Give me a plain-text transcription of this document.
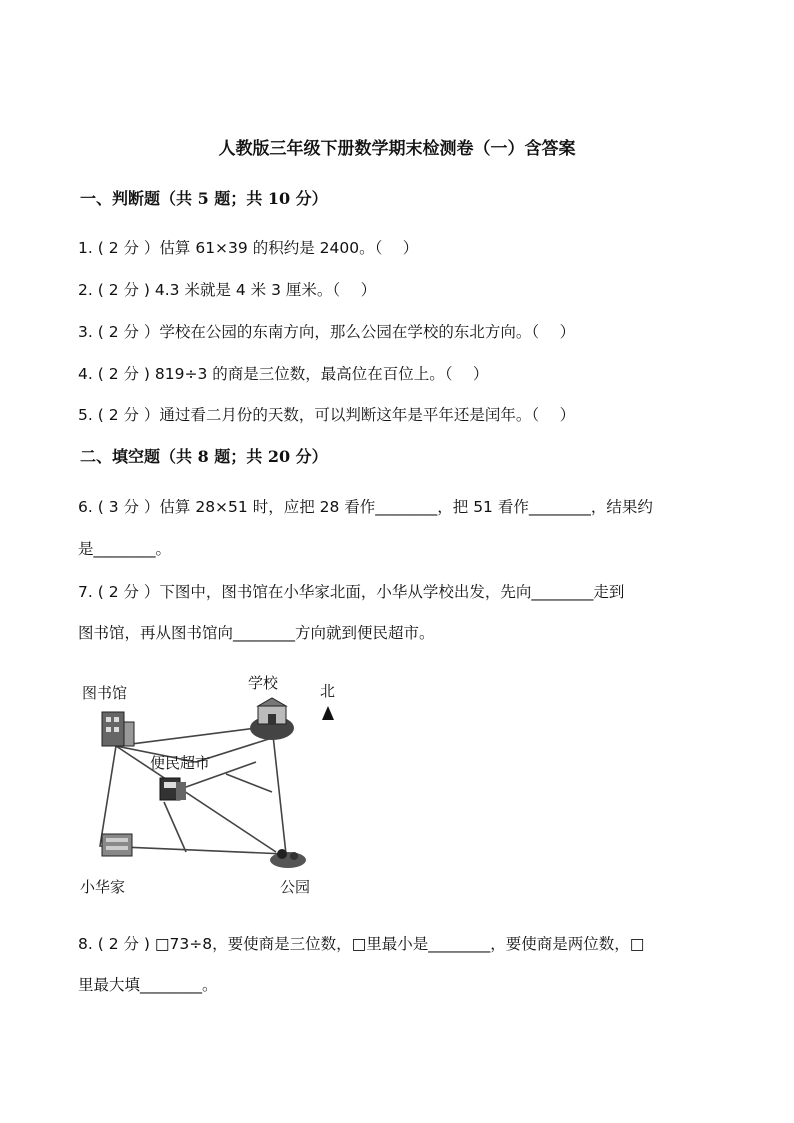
人教版三年级下册数学期末检测卷（一）含答案
一、判断题（共 5 题；共 10 分）
1. ( 2 分 ）估算 61×39 的积约是 2400。（　 ）
2. ( 2 分 ) 4.3 米就是 4 米 3 厘米。（　 ）
3. ( 2 分 ）学校在公园的东南方向，那么公园在学校的东北方向。（　 ）
4. ( 2 分 ) 819÷3 的商是三位数，最高位在百位上。（　 ）
5. ( 2 分 ）通过看二月份的天数，可以判断这年是平年还是闰年。（　 ）
二、填空题（共 8 题；共 20 分）
6. ( 3 分 ）估算 28×51 时，应把 28 看作________，把 51 看作________，结果约
是________。
7. ( 2 分 ）下图中，图书馆在小华家北面，小华从学校出发，先向________走到
图书馆，再从图书馆向________方向就到便民超市。
图书馆
学校	北
便民超市
小华家	公园
8. ( 2 分 ) □73÷8，要使商是三位数，□里最小是________，要使商是两位数，□
里最大填________。
